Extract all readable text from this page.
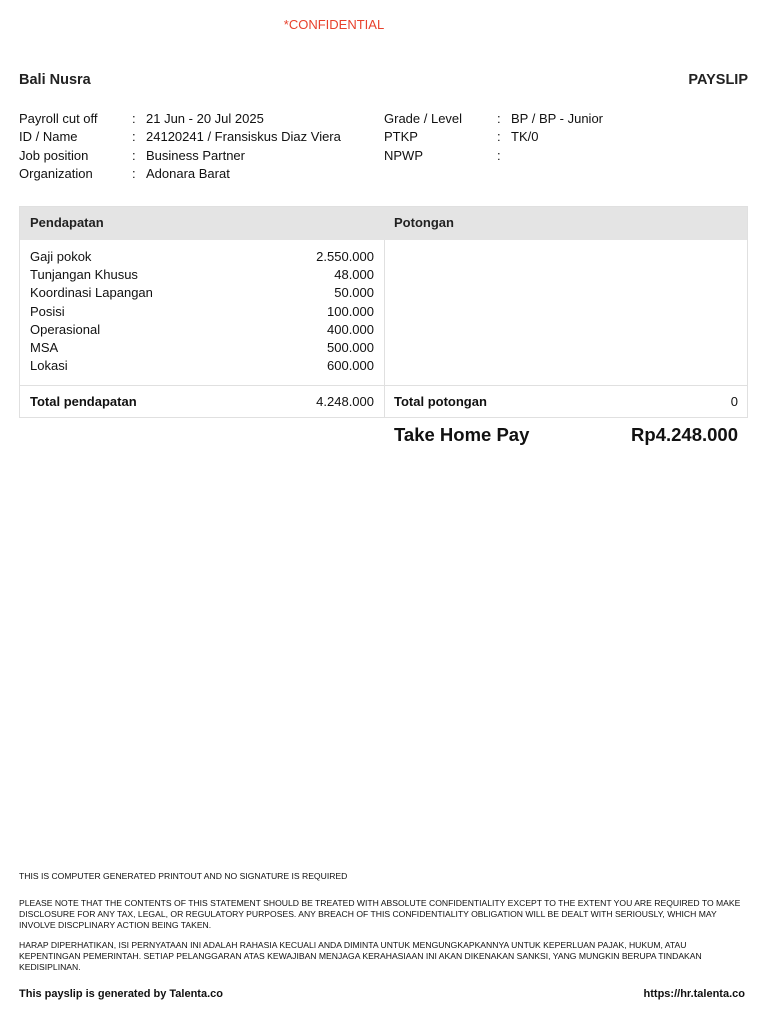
*CONFIDENTIAL
Bali Nusra	PAYSLIP
Payroll cut off	: 21 Jun - 20 Jul 2025
ID / Name	: 24120241 / Fransiskus Diaz Viera
Job position	: Business Partner
Organization	: Adonara Barat
Grade / Level	: BP / BP - Junior
PTKP	: TK/0
NPWP	:
Pendapatan	Potongan
Gaji pokok	2.550.000
Tunjangan Khusus	48.000
Koordinasi Lapangan	50.000
Posisi	100.000
Operasional	400.000
MSA	500.000
Lokasi	600.000
Total pendapatan	4.248.000 Total potongan	0
Take Home Pay	Rp4.248.000
THIS IS COMPUTER GENERATED PRINTOUT AND NO SIGNATURE IS REQUIRED
PLEASE NOTE THAT THE CONTENTS OF THIS STATEMENT SHOULD BE TREATED WITH ABSOLUTE CONFIDENTIALITY EXCEPT TO THE EXTENT YOU ARE REQUIRED TO MAKE DISCLOSURE FOR ANY TAX, LEGAL, OR REGULATORY PURPOSES. ANY BREACH OF THIS CONFIDENTIALITY OBLIGATION WILL BE DEALT WITH SERIOUSLY, WHICH MAY INVOLVE DISCPLINARY ACTION BEING TAKEN.
HARAP DIPERHATIKAN, ISI PERNYATAAN INI ADALAH RAHASIA KECUALI ANDA DIMINTA UNTUK MENGUNGKAPKANNYA UNTUK KEPERLUAN PAJAK, HUKUM, ATAU KEPENTINGAN PEMERINTAH. SETIAP PELANGGARAN ATAS KEWAJIBAN MENJAGA KERAHASIAAN INI AKAN DIKENAKAN SANKSI, YANG MUNGKIN BERUPA TINDAKAN KEDISIPLINAN.
This payslip is generated by Talenta.co	https://hr.talenta.co
